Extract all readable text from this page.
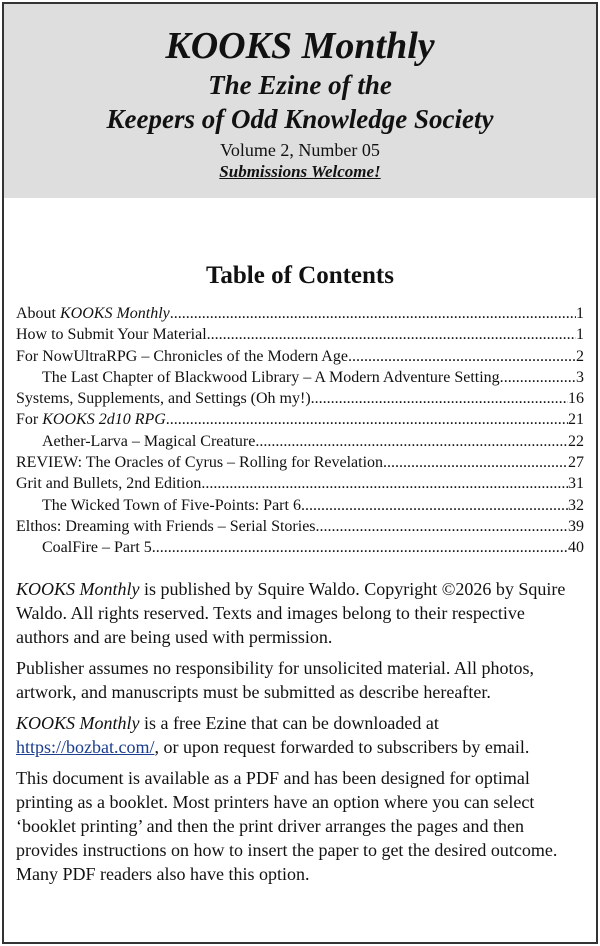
KOOKS Monthly
The Ezine of the
Keepers of Odd Knowledge Society
Volume 2, Number 05
Submissions Welcome!
Table of Contents
About KOOKS Monthly .....	1
How to Submit Your Material .....	1
For NowUltraRPG – Chronicles of the Modern Age .....	2
The Last Chapter of Blackwood Library – A Modern Adventure Setting. .....	3
Systems, Supplements, and Settings (Oh my!) .....	16
For KOOKS 2d10 RPG .....	21
Aether-Larva – Magical Creature .....	22
REVIEW: The Oracles of Cyrus – Rolling for Revelation .....	27
Grit and Bullets, 2nd Edition .....	31
The Wicked Town of Five-Points: Part 6 .....	32
Elthos: Dreaming with Friends – Serial Stories .....	39
CoalFire – Part 5 .....	40

KOOKS Monthly is published by Squire Waldo. Copyright ©2026 by Squire Waldo. All rights reserved. Texts and images belong to their respective authors and are being used with permission.

Publisher assumes no responsibility for unsolicited material. All photos, artwork, and manuscripts must be submitted as describe hereafter.

KOOKS Monthly is a free Ezine that can be downloaded at https://bozbat.com/, or upon request forwarded to subscribers by email.

This document is available as a PDF and has been designed for optimal printing as a booklet. Most printers have an option where you can select ‘booklet printing’ and then the print driver arranges the pages and then provides instructions on how to insert the paper to get the desired outcome. Many PDF readers also have this option.
